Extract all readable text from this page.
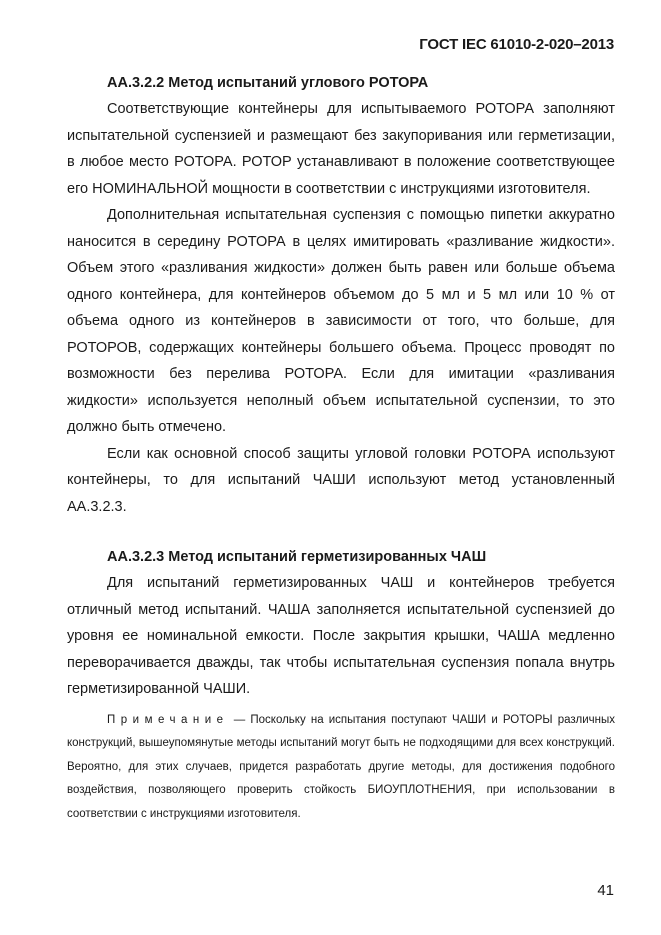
ГОСТ IEC 61010-2-020–2013

АА.3.2.2 Метод испытаний углового РОТОРА

Соответствующие контейнеры для испытываемого РОТОРА заполняют испытательной суспензией и размещают без закупоривания или герметизации, в любое место РОТОРА. РОТОР устанавливают в положение соответствующее его НОМИНАЛЬНОЙ мощности в соответствии с инструкциями изготовителя.

Дополнительная испытательная суспензия с помощью пипетки аккуратно наносится в середину РОТОРА в целях имитировать «разливание жидкости». Объем этого «разливания жидкости» должен быть равен или больше объема одного контейнера, для контейнеров объемом до 5 мл и 5 мл или 10 % от объема одного из контейнеров в зависимости от того, что больше, для РОТОРОВ, содержащих контейнеры большего объема. Процесс проводят по возможности без перелива РОТОРА. Если для имитации «разливания жидкости» используется неполный объем испытательной суспензии, то это должно быть отмечено.

Если как основной способ защиты угловой головки РОТОРА используют контейнеры, то для испытаний ЧАШИ используют метод установленный АА.3.2.3.

АА.3.2.3 Метод испытаний герметизированных ЧАШ

Для испытаний герметизированных ЧАШ и контейнеров требуется отличный метод испытаний. ЧАША заполняется испытательной суспензией до уровня ее номинальной емкости. После закрытия крышки, ЧАША медленно переворачивается дважды, так чтобы испытательная суспензия попала внутрь герметизированной ЧАШИ.

Примечание — Поскольку на испытания поступают ЧАШИ и РОТОРЫ различных конструкций, вышеупомянутые методы испытаний могут быть не подходящими для всех конструкций. Вероятно, для этих случаев, придется разработать другие методы, для достижения подобного воздействия, позволяющего проверить стойкость БИОУПЛОТНЕНИЯ, при использовании в соответствии с инструкциями изготовителя.

41
